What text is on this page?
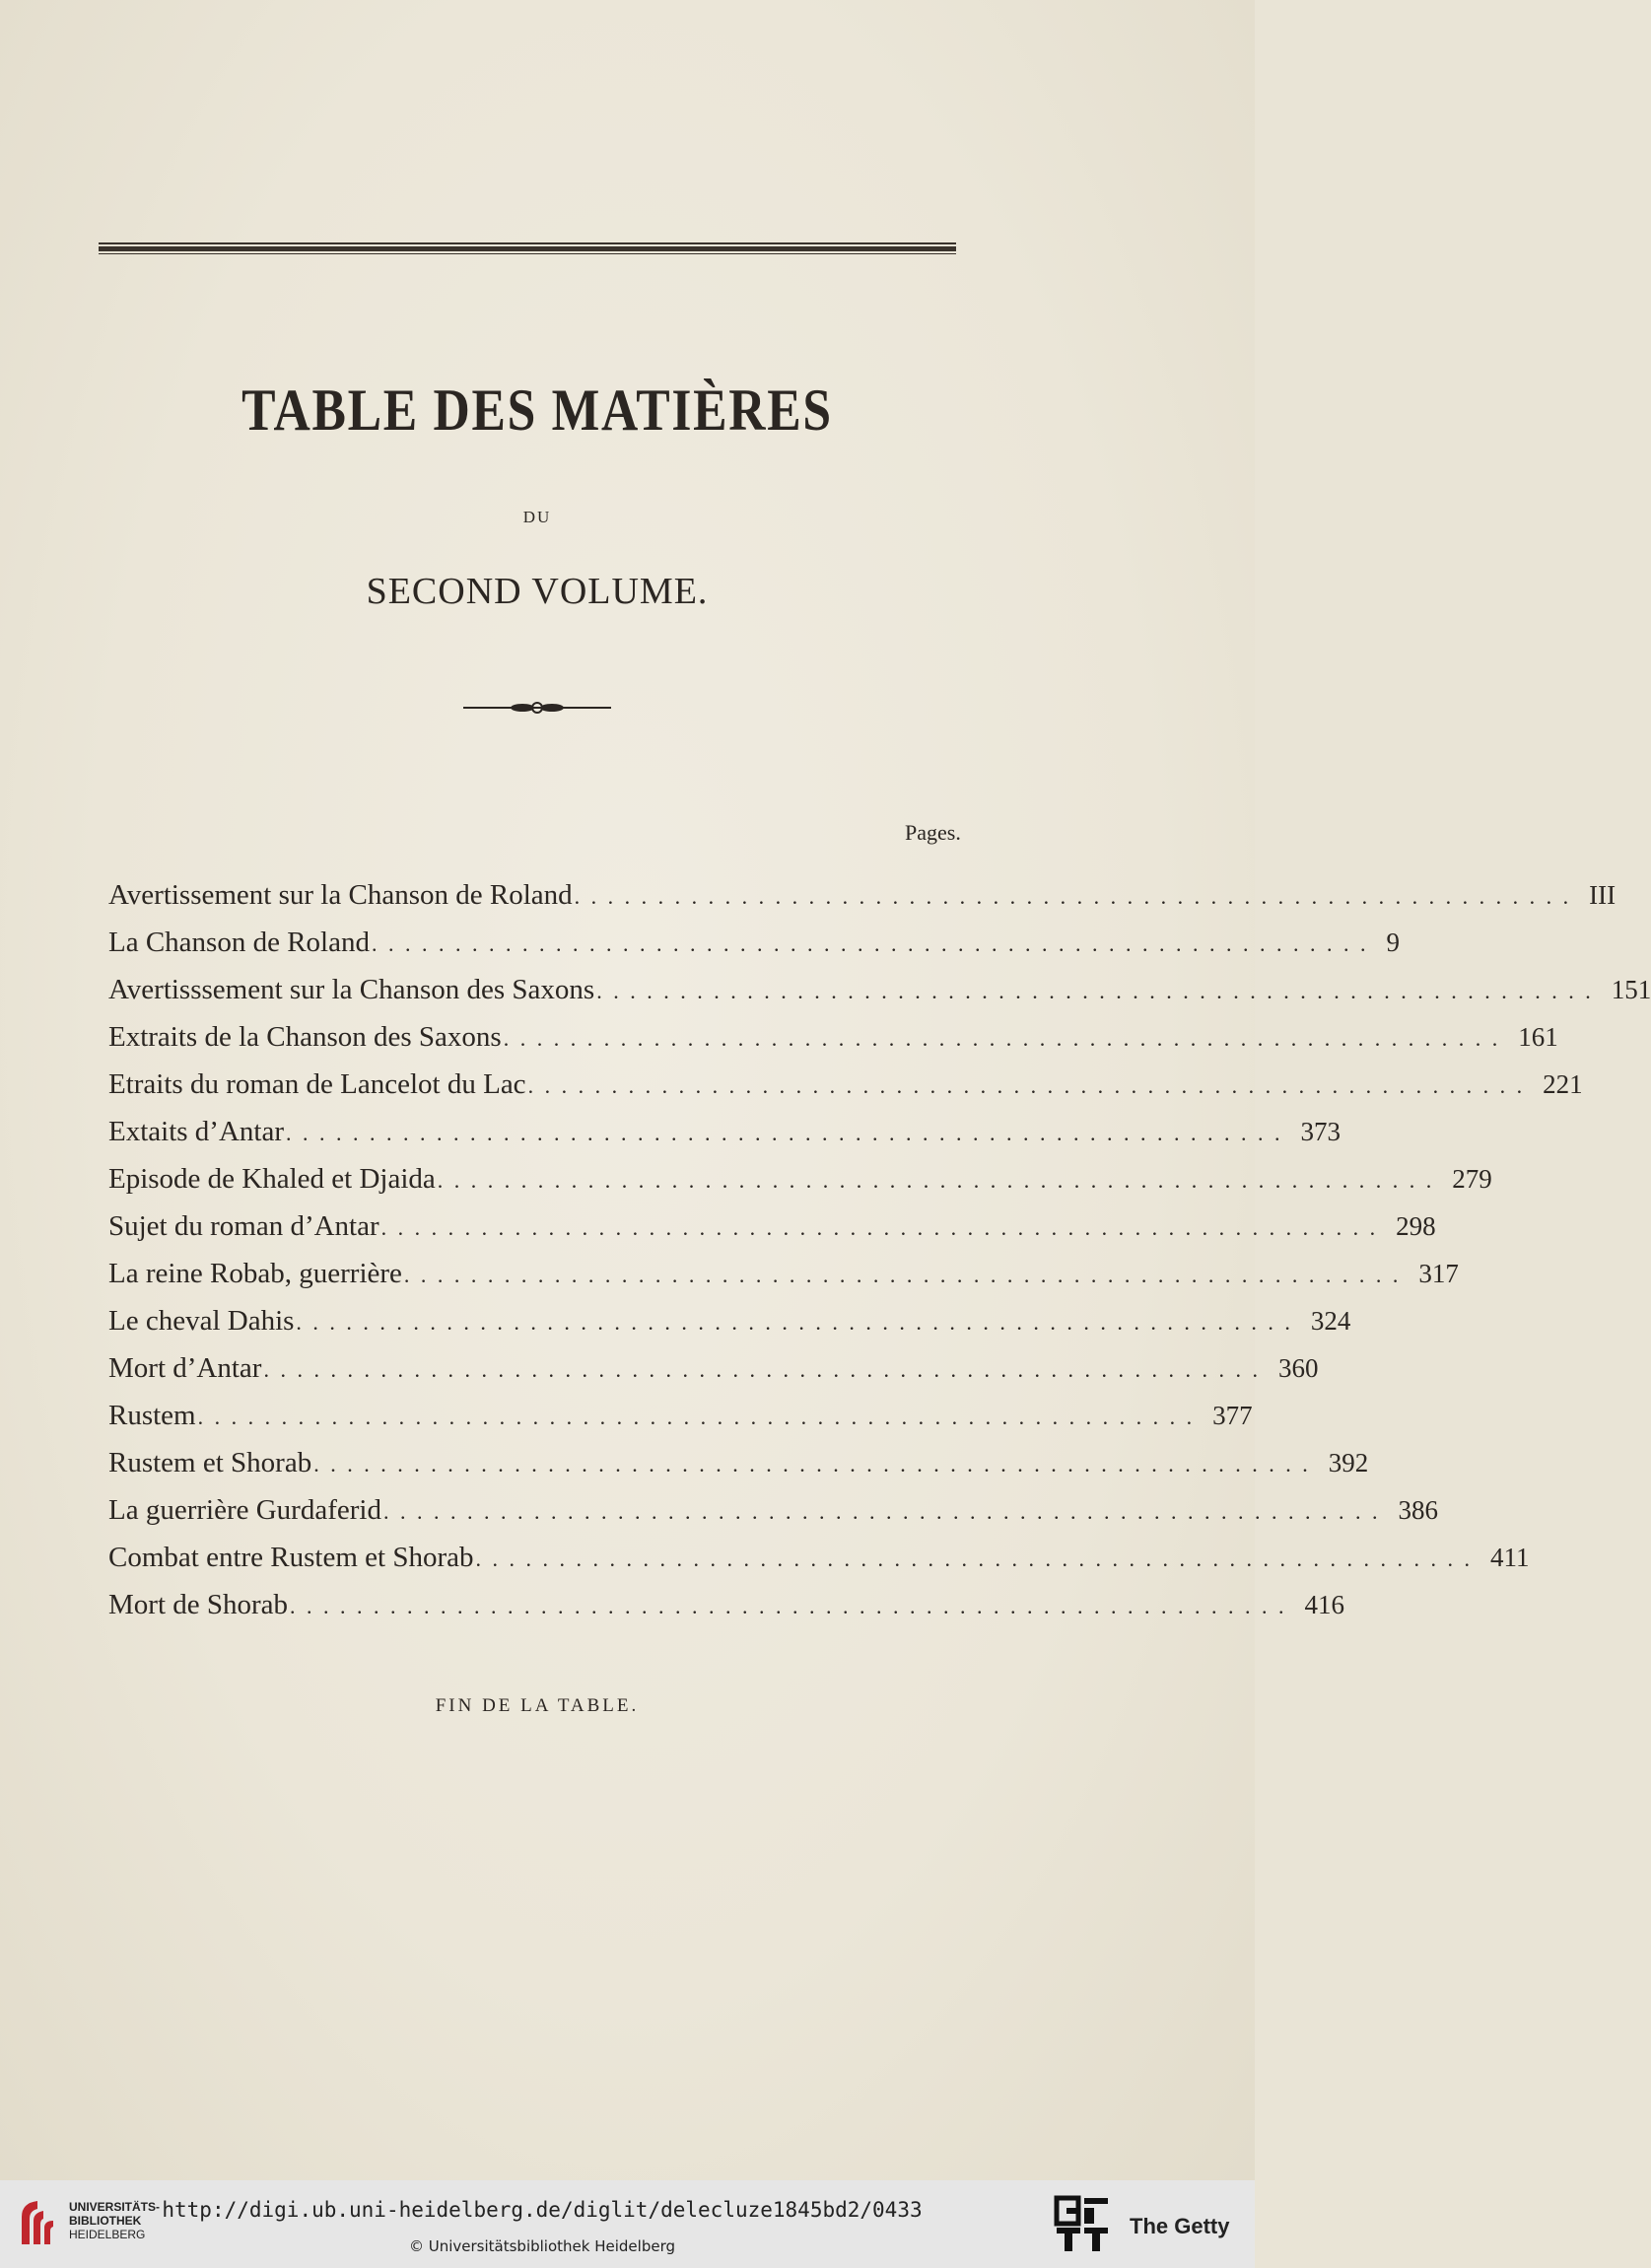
TABLE DES MATIÈRES
DU
SECOND VOLUME.
Pages.
Avertissement sur la Chanson de Roland . . . . . . . . . . . . . . . . . . . . . . . . . . . . . . . . . . . . . . . . . . . . . . . . . . . . . . . . . . . . III
La Chanson de Roland . . . . . . . . . . . . . . . . . . . . . . . . . . . . . . . . . . . . . . . . . . . . . . . . . . . . . . . . . . . . 9
Avertisssement sur la Chanson des Saxons . . . . . . . . . . . . . . . . . . . . . . . . . . . . . . . . . . . . . . . . . . . . . . . . . . . . . . . . . . . . 151
Extraits de la Chanson des Saxons . . . . . . . . . . . . . . . . . . . . . . . . . . . . . . . . . . . . . . . . . . . . . . . . . . . . . . . . . . . . 161
Etraits du roman de Lancelot du Lac . . . . . . . . . . . . . . . . . . . . . . . . . . . . . . . . . . . . . . . . . . . . . . . . . . . . . . . . . . . . 221
Extaits d’Antar . . . . . . . . . . . . . . . . . . . . . . . . . . . . . . . . . . . . . . . . . . . . . . . . . . . . . . . . . . . . 373
Episode de Khaled et Djaida . . . . . . . . . . . . . . . . . . . . . . . . . . . . . . . . . . . . . . . . . . . . . . . . . . . . . . . . . . . . 279
Sujet du roman d’Antar . . . . . . . . . . . . . . . . . . . . . . . . . . . . . . . . . . . . . . . . . . . . . . . . . . . . . . . . . . . . 298
La reine Robab, guerrière . . . . . . . . . . . . . . . . . . . . . . . . . . . . . . . . . . . . . . . . . . . . . . . . . . . . . . . . . . . . 317
Le cheval Dahis . . . . . . . . . . . . . . . . . . . . . . . . . . . . . . . . . . . . . . . . . . . . . . . . . . . . . . . . . . . . 324
Mort d’Antar . . . . . . . . . . . . . . . . . . . . . . . . . . . . . . . . . . . . . . . . . . . . . . . . . . . . . . . . . . . . 360
Rustem . . . . . . . . . . . . . . . . . . . . . . . . . . . . . . . . . . . . . . . . . . . . . . . . . . . . . . . . . . . . 377
Rustem et Shorab . . . . . . . . . . . . . . . . . . . . . . . . . . . . . . . . . . . . . . . . . . . . . . . . . . . . . . . . . . . . 392
La guerrière Gurdaferid . . . . . . . . . . . . . . . . . . . . . . . . . . . . . . . . . . . . . . . . . . . . . . . . . . . . . . . . . . . . 386
Combat entre Rustem et Shorab . . . . . . . . . . . . . . . . . . . . . . . . . . . . . . . . . . . . . . . . . . . . . . . . . . . . . . . . . . . . 411
Mort de Shorab . . . . . . . . . . . . . . . . . . . . . . . . . . . . . . . . . . . . . . . . . . . . . . . . . . . . . . . . . . . . 416
FIN DE LA TABLE.
UNIVERSITÄTS-
BIBLIOTHEK
HEIDELBERG
http://digi.ub.uni-heidelberg.de/diglit/delecluze1845bd2/0433
© Universitätsbibliothek Heidelberg
The Getty
